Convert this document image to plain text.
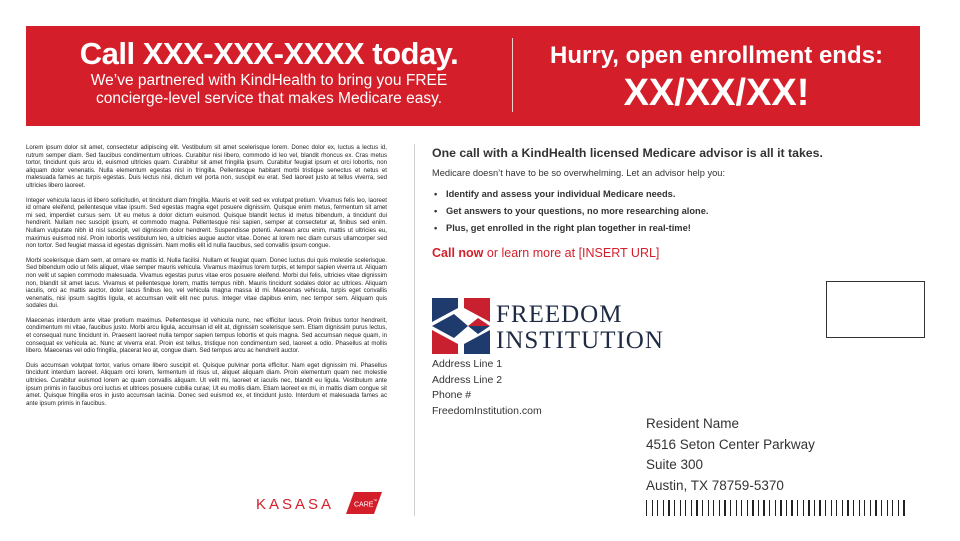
Call XXX-XXX-XXXX today.
We’ve partnered with KindHealth to bring you FREE
concierge-level service that makes Medicare easy.
Hurry, open enrollment ends:
XX/XX/XX!

Lorem ipsum dolor sit amet, consectetur adipiscing elit. Vestibulum sit amet scelerisque lorem. Donec dolor ex, luctus a lectus id, rutrum semper diam. Sed faucibus condimentum ultrices. Curabitur nisi libero, commodo id leo vel, blandit rhoncus ex. Cras metus tortor, tincidunt quis arcu id, euismod ultricies quam. Curabitur sit amet fringilla ipsum. Curabitur feugiat ipsum et orci lobortis, non aliquam dolor venenatis. Nulla elementum egestas nisl in fringilla. Pellentesque habitant morbi tristique senectus et netus et malesuada fames ac turpis egestas. Duis lectus nisi, dictum vel porta non, suscipit eu erat. Sed laoreet justo at tellus viverra, sed ultricies libero laoreet.

Integer vehicula lacus id libero sollicitudin, et tincidunt diam fringilla. Mauris et velit sed ex volutpat pretium. Vivamus felis leo, laoreet id ornare eleifend, pellentesque vitae ipsum. Sed egestas magna eget posuere dignissim. Quisque enim metus, fermentum sit amet mi sed, imperdiet cursus sem. Ut eu metus a dolor dictum euismod. Quisque blandit lectus id metus bibendum, a tincidunt dui hendrerit. Nullam nec suscipit ipsum, et commodo magna. Pellentesque nisi sapien, semper at consectetur at, finibus sed enim. Nullam vulputate nibh id nisl suscipit, vel dignissim dolor hendrerit. Suspendisse potenti. Aenean arcu enim, mattis ut ultricies eu, maximus euismod nisl. Proin lobortis vestibulum leo, a ultricies augue auctor vitae. Donec at lorem nec diam cursus ullamcorper sed non tortor. Sed feugiat massa id egestas dignissim. Nam mollis elit id nulla faucibus, sed convallis ipsum congue.

Morbi scelerisque diam sem, at ornare ex mattis id. Nulla facilisi. Nullam et feugiat quam. Donec luctus dui quis molestie scelerisque. Sed bibendum odio ut felis aliquet, vitae semper mauris vehicula. Vivamus maximus lorem turpis, et tempor sapien viverra ut. Aliquam non velit ut sapien commodo malesuada. Vivamus egestas purus vitae eros posuere eleifend. Morbi dui felis, ultricies vitae dignissim non, blandit sit amet lacus. Vivamus et pellentesque lorem, mattis tempus nibh. Mauris tincidunt sodales dolor ac ultrices. Aliquam iaculis, orci ac mattis auctor, dolor lacus finibus leo, vel vehicula magna massa id mi. Maecenas vehicula, turpis eget convallis venenatis, nisi ipsum sagittis ligula, et accumsan velit elit nec purus. Integer vitae dapibus enim, nec tempor sem. Aliquam quis sodales dui.

Maecenas interdum ante vitae pretium maximus. Pellentesque id vehicula nunc, nec efficitur lacus. Proin finibus tortor hendrerit, condimentum mi vitae, faucibus justo. Morbi arcu ligula, accumsan id elit at, dignissim scelerisque sem. Etiam dignissim purus lectus, et consequat nunc tincidunt in. Praesent laoreet nulla tempor sapien tempus lobortis et quis magna. Sed accumsan neque quam, in consequat ex vehicula ac. Nunc at viverra erat. Proin est tellus, tristique non condimentum sed, laoreet a odio. Phasellus at mollis libero. Maecenas vel odio fringilla, placerat leo at, congue diam. Sed tempus arcu ac hendrerit auctor.

Duis accumsan volutpat tortor, varius ornare libero suscipit et. Quisque pulvinar porta efficitur. Nam eget dignissim mi. Phasellus tincidunt interdum laoreet. Aliquam orci lorem, fermentum id risus ut, aliquet aliquam diam. Proin elementum quam nec molestie ultricies. Curabitur euismod lorem ac quam convallis aliquam. Ut velit mi, laoreet et iaculis nec, blandit eu ligula. Vestibulum ante ipsum primis in faucibus orci luctus et ultrices posuere cubilia curae; Ut eu mollis diam. Etiam laoreet ex mi, in mattis diam congue sit amet. Quisque fringilla eros in justo accumsan lacinia. Donec sed euismod ex, et tincidunt justo. Interdum et malesuada fames ac ante ipsum primis in faucibus.

KASASA	CARE
™
One call with a KindHealth licensed Medicare advisor is all it takes.
Medicare doesn’t have to be so overwhelming. Let an advisor help you:
• Identify and assess your individual Medicare needs.
• Get answers to your questions, no more researching alone.
• Plus, get enrolled in the right plan together in real-time!
Call now or learn more at [INSERT URL]
FREEDOM
INSTITUTION
Address Line 1
Address Line 2
Phone #
FreedomInstitution.com
Resident Name
4516 Seton Center Parkway
Suite 300
Austin, TX 78759-5370
